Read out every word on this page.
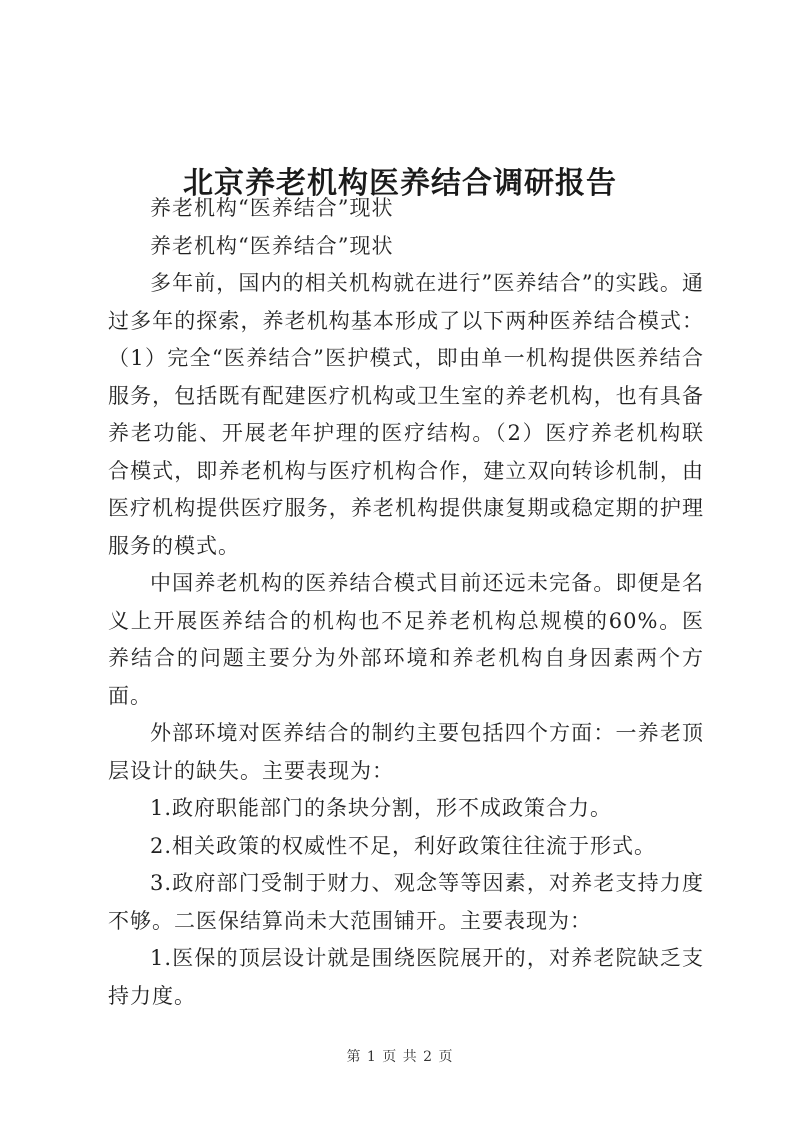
北京养老机构医养结合调研报告

养老机构“医养结合”现状

养老机构“医养结合”现状

多年前，国内的相关机构就在进行”医养结合”的实践。通过多年的探索，养老机构基本形成了以下两种医养结合模式：（1）完全“医养结合”医护模式，即由单一机构提供医养结合服务，包括既有配建医疗机构或卫生室的养老机构，也有具备养老功能、开展老年护理的医疗结构。（2）医疗养老机构联合模式，即养老机构与医疗机构合作，建立双向转诊机制，由医疗机构提供医疗服务，养老机构提供康复期或稳定期的护理服务的模式。

中国养老机构的医养结合模式目前还远未完备。即便是名义上开展医养结合的机构也不足养老机构总规模的60%。医养结合的问题主要分为外部环境和养老机构自身因素两个方面。

外部环境对医养结合的制约主要包括四个方面：一养老顶层设计的缺失。主要表现为：

1.政府职能部门的条块分割，形不成政策合力。

2.相关政策的权威性不足，利好政策往往流于形式。

3.政府部门受制于财力、观念等等因素，对养老支持力度不够。二医保结算尚未大范围铺开。主要表现为：

1.医保的顶层设计就是围绕医院展开的，对养老院缺乏支持力度。

第 1 页 共 2 页
